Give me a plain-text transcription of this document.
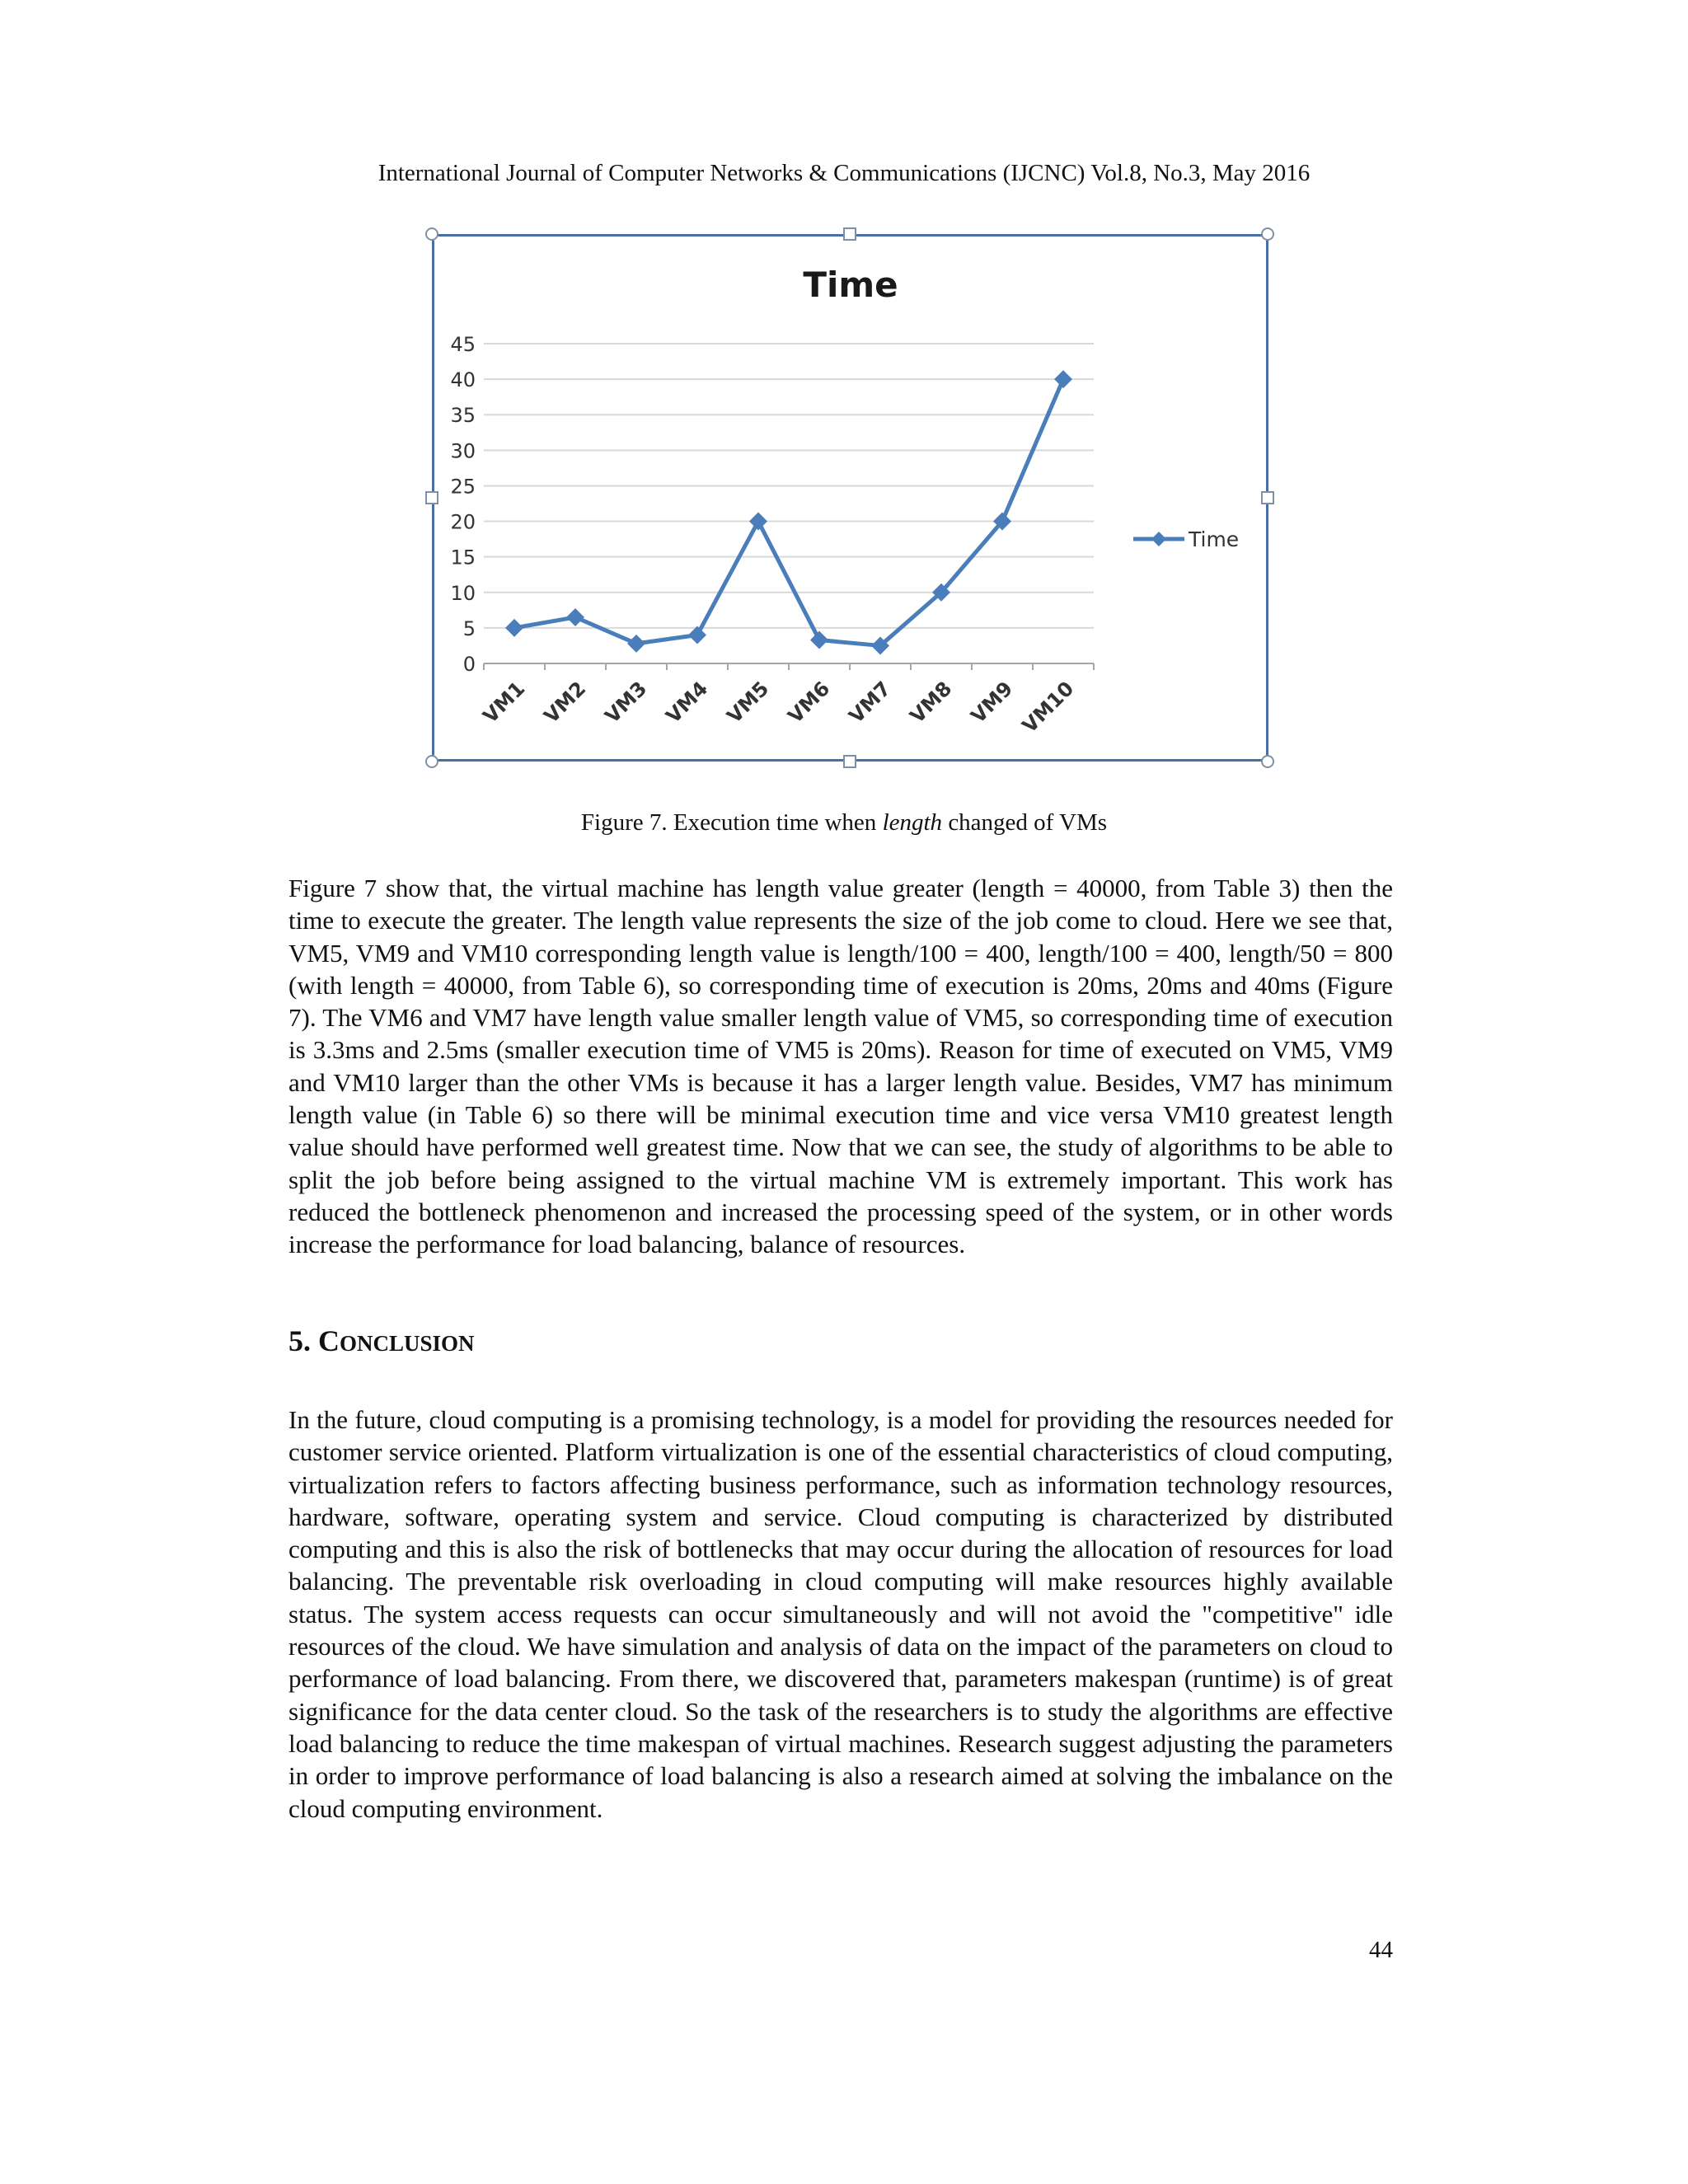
International Journal of Computer Networks & Communications (IJCNC) Vol.8, No.3, May 2016
Time
0
5
10
15
20
25
30
35
40
45
VM1 VM2 VM3 VM4 VM5 VM6 VM7 VM8 VM9 VM10
Time
Figure 7. Execution time when length changed of VMs
Figure 7 show that, the virtual machine has length value greater (length = 40000, from Table 3) then the time to execute the greater. The length value represents the size of the job come to cloud. Here we see that, VM5, VM9 and VM10 corresponding length value is length/100 = 400, length/100 = 400, length/50 = 800 (with length = 40000, from Table 6), so corresponding time of execution is 20ms, 20ms and 40ms (Figure 7). The VM6 and VM7 have length value smaller length value of VM5, so corresponding time of execution is 3.3ms and 2.5ms (smaller execution time of VM5 is 20ms). Reason for time of executed on VM5, VM9 and VM10 larger than the other VMs is because it has a larger length value. Besides, VM7 has minimum length value (in Table 6) so there will be minimal execution time and vice versa VM10 greatest length value should have performed well greatest time. Now that we can see, the study of algorithms to be able to split the job before being assigned to the virtual machine VM is extremely important. This work has reduced the bottleneck phenomenon and increased the processing speed of the system, or in other words increase the performance for load balancing, balance of resources.
5. CONCLUSION
In the future, cloud computing is a promising technology, is a model for providing the resources needed for customer service oriented. Platform virtualization is one of the essential characteristics of cloud computing, virtualization refers to factors affecting business performance, such as information technology resources, hardware, software, operating system and service. Cloud computing is characterized by distributed computing and this is also the risk of bottlenecks that may occur during the allocation of resources for load balancing. The preventable risk overloading in cloud computing will make resources highly available status. The system access requests can occur simultaneously and will not avoid the "competitive" idle resources of the cloud. We have simulation and analysis of data on the impact of the parameters on cloud to performance of load balancing. From there, we discovered that, parameters makespan (runtime) is of great significance for the data center cloud. So the task of the researchers is to study the algorithms are effective load balancing to reduce the time makespan of virtual machines. Research suggest adjusting the parameters in order to improve performance of load balancing is also a research aimed at solving the imbalance on the cloud computing environment.
44
